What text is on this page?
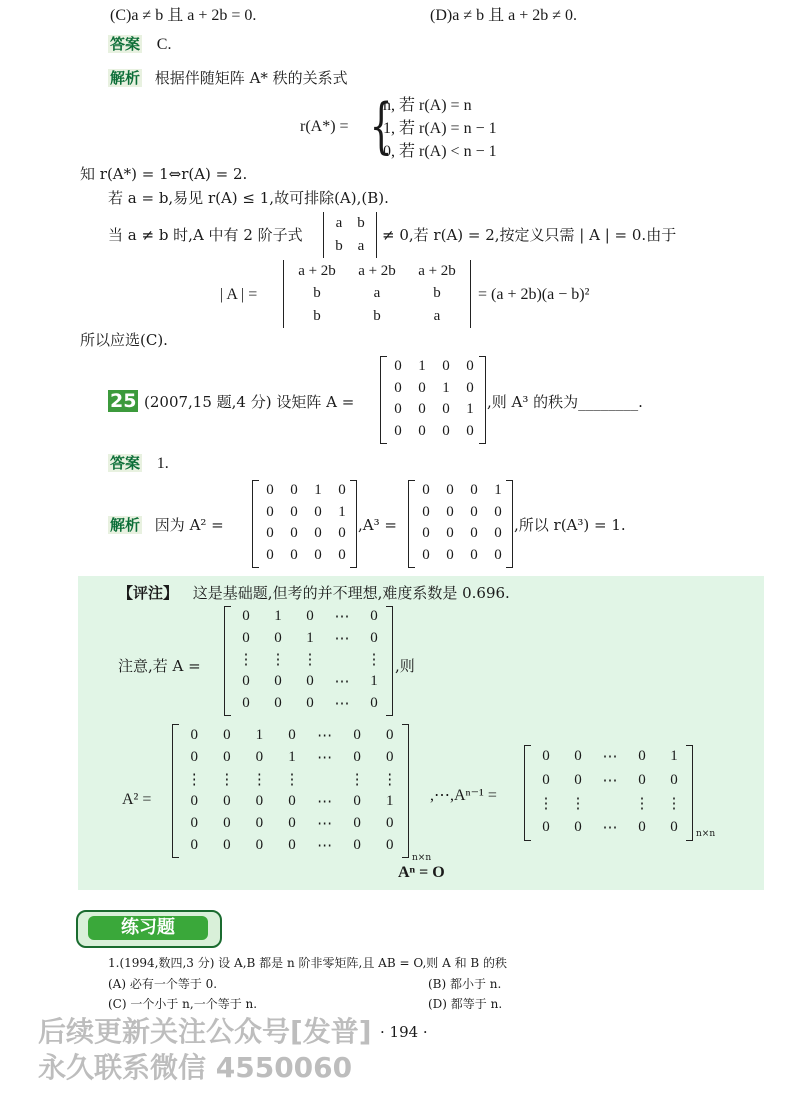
(C)a ≠ b 且 a + 2b = 0.	(D)a ≠ b 且 a + 2b ≠ 0.
答案 C.
解析 根据伴随矩阵 A* 秩的关系式
r(A*) = {
n, 若 r(A) = n
1, 若 r(A) = n − 1
0, 若 r(A) < n − 1
知 r(A*) = 1⇔r(A) = 2.
若 a = b,易见 r(A) ≤ 1,故可排除(A),(B).
当 a ≠ b 时,A 中有 2 阶子式
a b
b a
≠ 0,若 r(A) = 2,按定义只需 | A | = 0.由于
| A | =
a + 2b a + 2b a + 2b
b	a	b
b	b	a
= (a + 2b)(a − b)²
所以应选(C).
25 (2007,15 题,4 分) 设矩阵 A =
0 1 0 0
0 0 1 0
0 0 0 1
0 0 0 0
,则 A³ 的秩为________.
答案 1.
解析 因为 A² =
0 0 1 0
0 0 0 1
0 0 0 0
0 0 0 0
,A³ =
0 0 0 1
0 0 0 0
0 0 0 0
0 0 0 0
,所以 r(A³) = 1.
【评注】 这是基础题,但考的并不理想,难度系数是 0.696.
注意,若 A =
0 1 0 ⋯ 0
0 0 1 ⋯ 0
⋮ ⋮ ⋮	⋮
0 0 0 ⋯ 1
0 0 0 ⋯ 0
,则
A² =
0 0 1 0 ⋯ 0 0
0 0 0 1 ⋯ 0 0
⋮ ⋮ ⋮ ⋮	⋮ ⋮
0 0 0 0 ⋯ 0 1
0 0 0 0 ⋯ 0 0
0 0 0 0 ⋯ 0 0
n×n
,⋯,Aⁿ⁻¹ =
0 0 ⋯ 0 1
0 0 ⋯ 0 0
⋮ ⋮	⋮ ⋮
0 0 ⋯ 0 0 n×n
Aⁿ = O
练习题
1.(1994,数四,3 分) 设 A,B 都是 n 阶非零矩阵,且 AB = O,则 A 和 B 的秩
(A) 必有一个等于 0.	(B) 都小于 n.
(C) 一个小于 n,一个等于 n.	(D) 都等于 n.
· 194 ·
后续更新关注公众号[发普]
永久联系微信 4550060
